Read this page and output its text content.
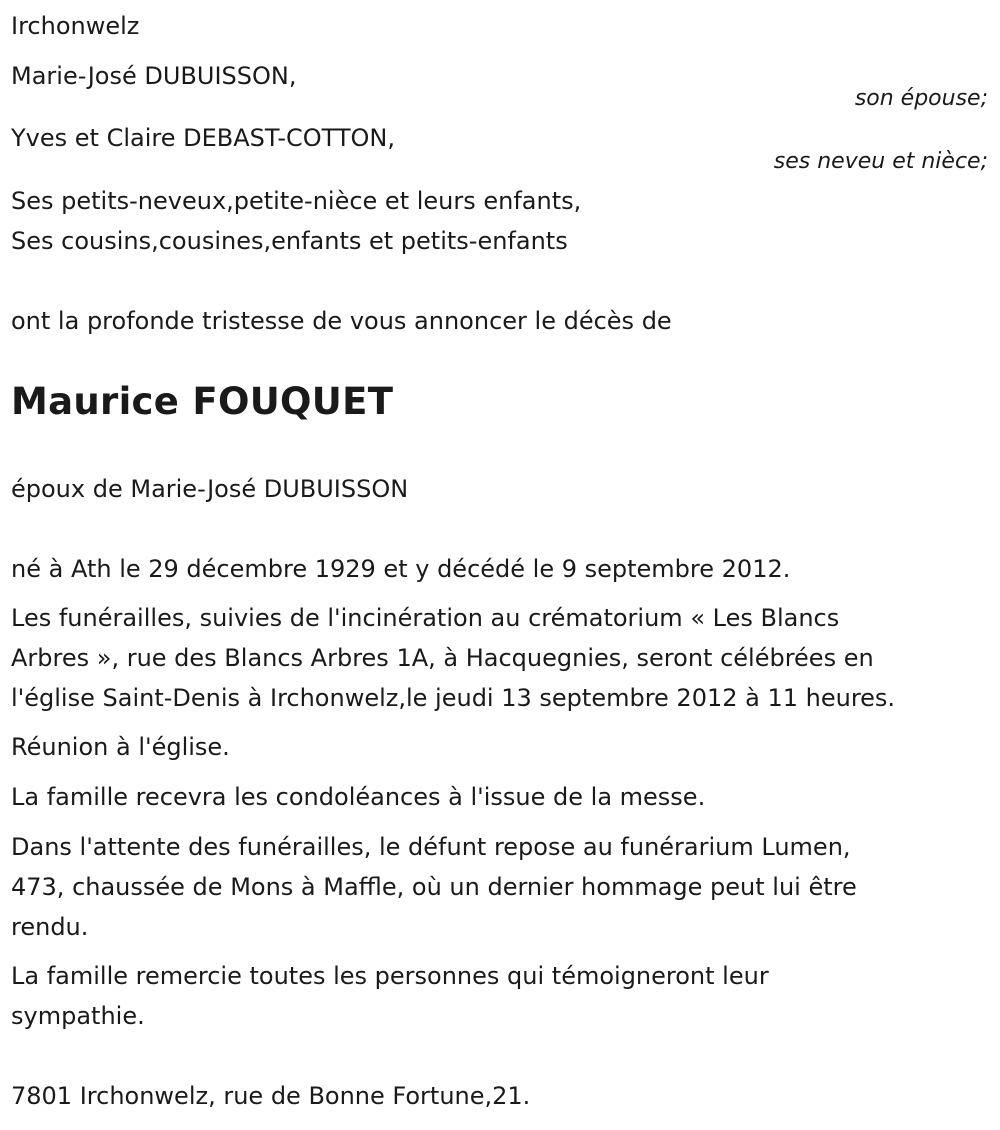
Irchonwelz
Marie-José DUBUISSON,
son épouse;
Yves et Claire DEBAST-COTTON,
ses neveu et nièce;
Ses petits-neveux,petite-nièce et leurs enfants,
Ses cousins,cousines,enfants et petits-enfants
ont la profonde tristesse de vous annoncer le décès de
Maurice FOUQUET
époux de Marie-José DUBUISSON
né à Ath le 29 décembre 1929 et y décédé le 9 septembre 2012.
Les funérailles, suivies de l'incinération au crématorium « Les Blancs
Arbres », rue des Blancs Arbres 1A, à Hacquegnies, seront célébrées en
l'église Saint-Denis à Irchonwelz,le jeudi 13 septembre 2012 à 11 heures.
Réunion à l'église.
La famille recevra les condoléances à l'issue de la messe.
Dans l'attente des funérailles, le défunt repose au funérarium Lumen,
473, chaussée de Mons à Maffle, où un dernier hommage peut lui être
rendu.
La famille remercie toutes les personnes qui témoigneront leur
sympathie.
7801 Irchonwelz, rue de Bonne Fortune,21.
